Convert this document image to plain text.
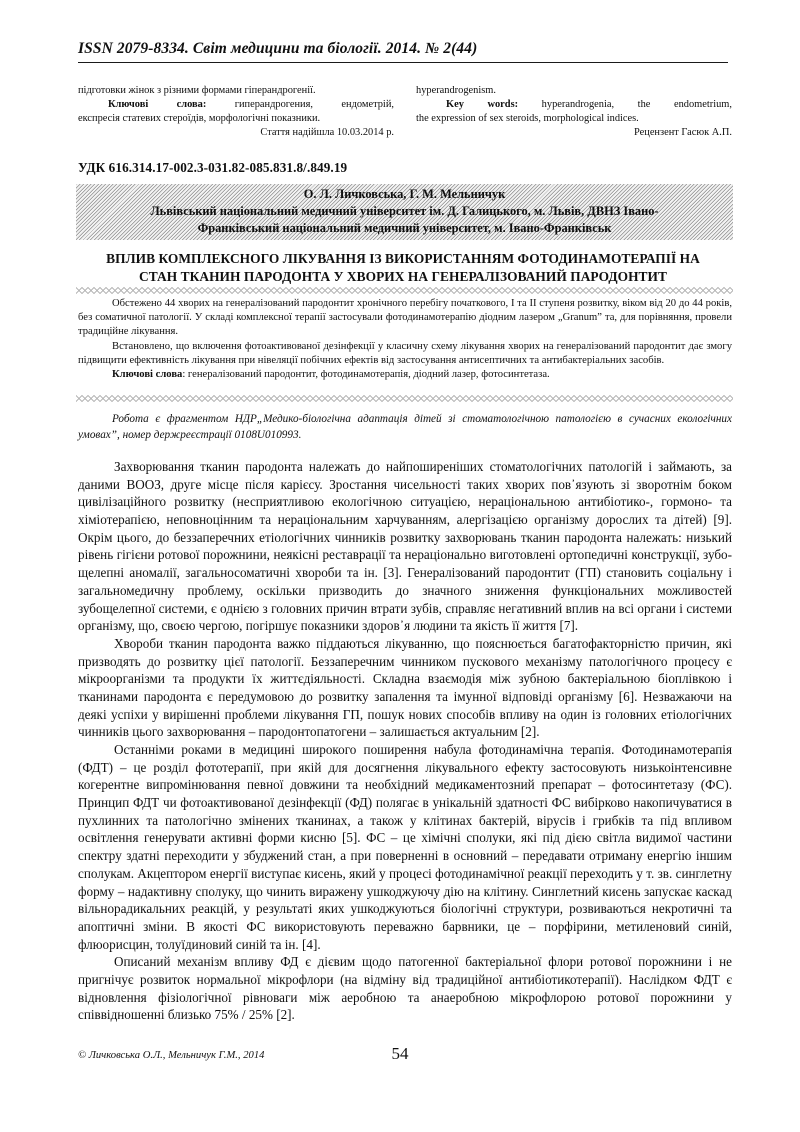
ISSN 2079-8334. Світ медицини та біології. 2014. № 2(44)

підготовки жінок з різними формами гіперандрогенії.

Ключові слова:	гиперандрогения, ендометрій,

експресія статевих стероїдів, морфологічні показники.

Стаття надійшла 10.03.2014 р.

hyperandrogenism.

Key words: hyperandrogenia, the endometrium,

the expression of sex steroids, morphological indices.

Рецензент Гасюк А.П.

УДК 616.314.17-002.3-031.82-085.831.8/.849.19
О. Л. Личковська, Г. М. Мельничук
Львівський національний медичний університет ім. Д. Галицького, м. Львів, ДВНЗ Івано-
Франківський національний медичний університет, м. Івано-Франківськ
ВПЛИВ КОМПЛЕКСНОГО ЛІКУВАННЯ ІЗ ВИКОРИСТАННЯМ ФОТОДИНАМОТЕРАПІЇ НА
СТАН ТКАНИН ПАРОДОНТА У ХВОРИХ НА ГЕНЕРАЛІЗОВАНИЙ ПАРОДОНТИТ

Обстежено 44 хворих на генералізований пародонтит хронічного перебігу початкового, I та II ступеня розвитку, віком від 20 до 44 років, без соматичної патології. У складі комплексної терапії застосували фотодинамотерапію діодним лазером „Granum” та, для порівняння, провели традиційне лікування.

Встановлено, що включення фотоактивованої дезінфекції у класичну схему лікування хворих на генералізований пародонтит дає змогу підвищити ефективність лікування при нівеляції побічних ефектів від застосування антисептичних та антибактеріальних засобів.

Ключові слова: генералізований пародонтит, фотодинамотерапія, діодний лазер, фотосинтетаза.

Робота є фрагментом НДР„Медико-біологічна адаптація дітей зі стоматологічною патологією в сучасних екологічних умовах”, номер держреєстрації 0108U010993.

Захворювання тканин пародонта належать до найпоширеніших стоматологічних патологій і займають, за даними ВООЗ, друге місце після карієсу. Зростання чисельності таких хворих пов᾽язують зі зворотнім боком цивілізаційного розвитку (несприятливою екологічною ситуацією, нераціональною антибіотико-, гормоно- та хіміотерапією, неповноцінним та нераціональним харчуванням, алергізацією організму дорослих та дітей) [9]. Окрім цього, до беззаперечних етіологічних чинників розвитку захворювань тканин пародонта належать: низький рівень гігієни ротової порожнини, неякісні реставрації та нераціонально виготовлені ортопедичні конструкції, зубо-щелепні аномалії, загальносоматичні хвороби та ін. [3]. Генералізований пародонтит (ГП) становить соціальну і загальномедичну проблему, оскільки призводить до значного зниження функціональних можливостей зубощелепної системи, є однією з головних причин втрати зубів, справляє негативний вплив на всі органи і системи організму, що, своєю чергою, погіршує показники здоров᾽я людини та якість її життя [7].

Хвороби тканин пародонта важко піддаються лікуванню, що пояснюється багатофакторністю причин, які призводять до розвитку цієї патології. Беззаперечним чинником пускового механізму патологічного процесу є мікроорганізми та продукти їх життєдіяльності. Складна взаємодія між зубною бактеріальною біоплівкою і тканинами пародонта є передумовою до розвитку запалення та імунної відповіді організму [6]. Незважаючи на деякі успіхи у вирішенні проблеми лікування ГП, пошук нових способів впливу на один із головних етіологічних чинників цього захворювання – пародонтопатогени – залишається актуальним [2].

Останніми роками в медицині широкого поширення набула фотодинамічна терапія. Фотодинамотерапія (ФДТ) – це розділ фототерапії, при якій для досягнення лікувального ефекту застосовують низькоінтенсивне когерентне випромінювання певної довжини та необхідний медикаментозний препарат – фотосинтетазу (ФС). Принцип ФДТ чи фотоактивованої дезінфекції (ФД) полягає в унікальній здатності ФС вибірково накопичуватися в пухлинних та патологічно змінених тканинах, а також у клітинах бактерій, вірусів і грибків та під впливом освітлення генерувати активні форми кисню [5]. ФС – це хімічні сполуки, які під дією світла видимої частини спектру здатні переходити у збуджений стан, а при поверненні в основний – передавати отриману енергію іншим сполукам. Акцептором енергії виступає кисень, який у процесі фотодинамічної реакції переходить у т. зв. синглетну форму – надактивну сполуку, що чинить виражену ушкоджуючу дію на клітину. Синглетний кисень запускає каскад вільнорадикальних реакцій, у результаті яких ушкоджуються біологічні структури, розвиваються некротичні та апоптичні зміни. В якості ФС використовують переважно барвники, це – порфірини, метиленовий синій, флюорисцин, толуїдиновий синій та ін. [4].

Описаний механізм впливу ФД є дієвим щодо патогенної бактеріальної флори ротової порожнини і не пригнічує розвиток нормальної мікрофлори (на відміну від традиційної антибіотикотерапії). Наслідком ФДТ є відновлення фізіологічної рівноваги між аеробною та анаеробною мікрофлорою ротової порожнини у співвідношенні близько 75% / 25% [2].

© Личковська О.Л., Мельничук Г.М., 2014	54
